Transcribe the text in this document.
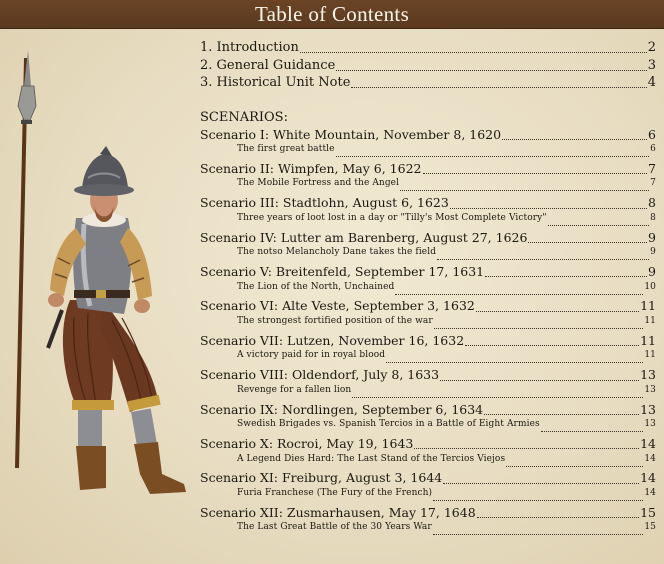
Table of Contents
1. Introduction	2
2. General Guidance	3
3. Historical Unit Note	4
SCENARIOS:
Scenario I: White Mountain, November 8, 1620	6
The first great battle	6
Scenario II: Wimpfen, May 6, 1622	7
The Mobile Fortress and the Angel	7
Scenario III: Stadtlohn, August 6, 1623	8
Three years of loot lost in a day or "Tilly's Most Complete Victory"	8
Scenario IV: Lutter am Barenberg, August 27, 1626	9
The notso Melancholy Dane takes the field	9
Scenario V: Breitenfeld, September 17, 1631	9
The Lion of the North, Unchained	10
Scenario VI: Alte Veste, September 3, 1632	11
The strongest fortified position of the war	11
Scenario VII: Lutzen, November 16, 1632	11
A victory paid for in royal blood	11
Scenario VIII: Oldendorf, July 8, 1633	13
Revenge for a fallen lion	13
Scenario IX: Nordlingen, September 6, 1634	13
Swedish Brigades vs. Spanish Tercios in a Battle of Eight Armies	13
Scenario X: Rocroi, May 19, 1643	14
A Legend Dies Hard: The Last Stand of the Tercios Viejos	14
Scenario XI: Freiburg, August 3, 1644	14
Furia Franchese (The Fury of the French)	14
Scenario XII: Zusmarhausen, May 17, 1648	15
The Last Great Battle of the 30 Years War	15
